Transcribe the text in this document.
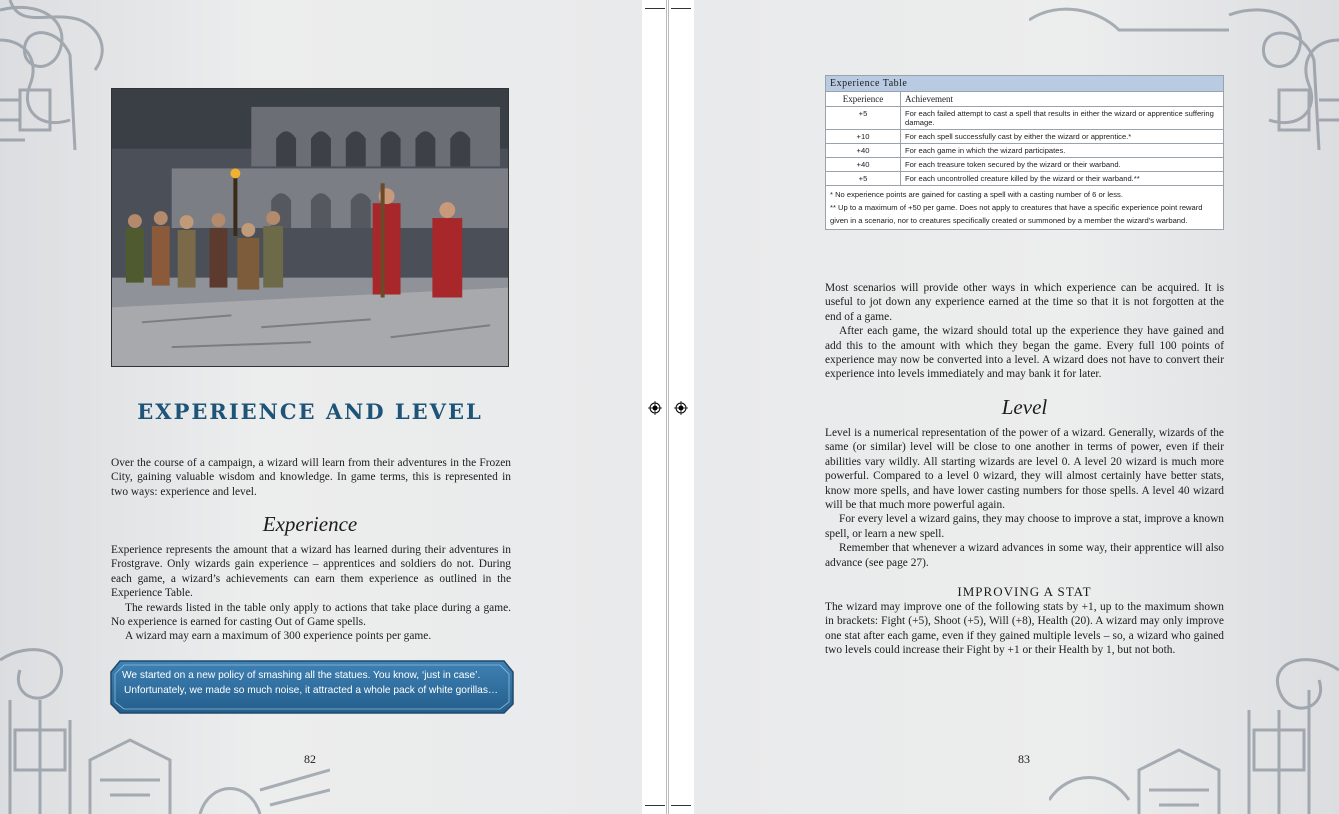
EXPERIENCE AND LEVEL

Over the course of a campaign, a wizard will learn from their adventures in the Frozen City, gaining valuable wisdom and knowledge. In game terms, this is represented in two ways: experience and level.

Experience

Experience represents the amount that a wizard has learned during their adventures in Frostgrave. Only wizards gain experience – apprentices and soldiers do not. During each game, a wizard’s achievements can earn them experience as outlined in the Experience Table.

The rewards listed in the table only apply to actions that take place during a game. No experience is earned for casting Out of Game spells.

A wizard may earn a maximum of 300 experience points per game.

We started on a new policy of smashing all the statues. You know, ‘just in case’.
Unfortunately, we made so much noise, it attracted a whole pack of white gorillas…
82
Experience Table	
Experience	Achievement
+5	For each failed attempt to cast a spell that results in either the wizard or apprentice suffering damage.
+10	For each spell successfully cast by either the wizard or apprentice.*
+40	For each game in which the wizard participates.
+40	For each treasure token secured by the wizard or their warband.
+5	For each uncontrolled creature killed by the wizard or their warband.**

* No experience points are gained for casting a spell with a casting number of 6 or less.
** Up to a maximum of +50 per game. Does not apply to creatures that have a specific experience point reward given in a scenario, nor to creatures specifically created or summoned by a member the wizard’s warband.	

Most scenarios will provide other ways in which experience can be acquired. It is useful to jot down any experience earned at the time so that it is not forgotten at the end of a game.

After each game, the wizard should total up the experience they have gained and add this to the amount with which they began the game. Every full 100 points of experience may now be converted into a level. A wizard does not have to convert their experience into levels immediately and may bank it for later.

Level

Level is a numerical representation of the power of a wizard. Generally, wizards of the same (or similar) level will be close to one another in terms of power, even if their abilities vary wildly. All starting wizards are level 0. A level 20 wizard is much more powerful. Compared to a level 0 wizard, they will almost certainly have better stats, know more spells, and have lower casting numbers for those spells. A level 40 wizard will be that much more powerful again.

For every level a wizard gains, they may choose to improve a stat, improve a known spell, or learn a new spell.

Remember that whenever a wizard advances in some way, their apprentice will also advance (see page 27).

IMPROVING A STAT

The wizard may improve one of the following stats by +1, up to the maximum shown in brackets: Fight (+5), Shoot (+5), Will (+8), Health (20). A wizard may only improve one stat after each game, even if they gained multiple levels – so, a wizard who gained two levels could increase their Fight by +1 or their Health by 1, but not both.

83
